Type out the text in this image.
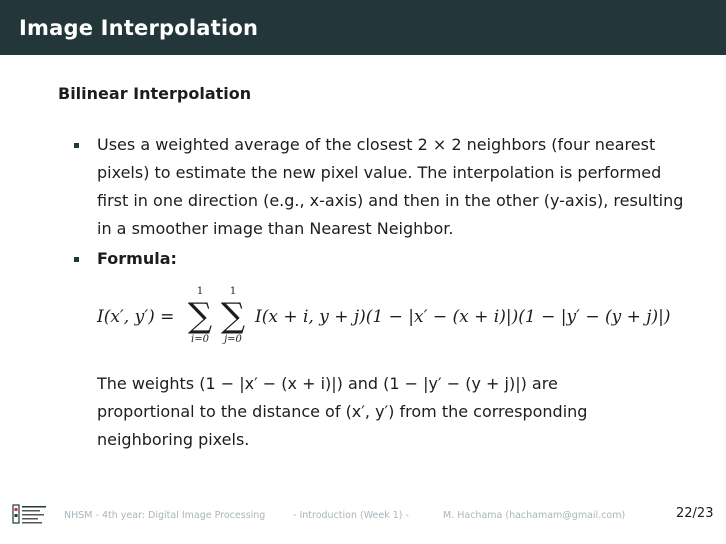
Image Interpolation
Bilinear Interpolation
Uses a weighted average of the closest 2 × 2 neighbors (four nearest pixels) to estimate the new pixel value. The interpolation is performed first in one direction (e.g., x-axis) and then in the other (y-axis), resulting in a smoother image than Nearest Neighbor.
Formula:
I(x′, y′) =
1
∑
i=0
1
∑
j=0
I(x + i, y + j)(1 − |x′ − (x + i)|)(1 − |y′ − (y + j)|)
The weights (1 − |x′ − (x + i)|) and (1 − |y′ − (y + j)|) are proportional to the distance of (x′, y′) from the corresponding neighboring pixels.
NHSM - 4th year: Digital Image Processing	- Introduction (Week 1) -	M. Hachama (hachamam@gmail.com)	22/23
